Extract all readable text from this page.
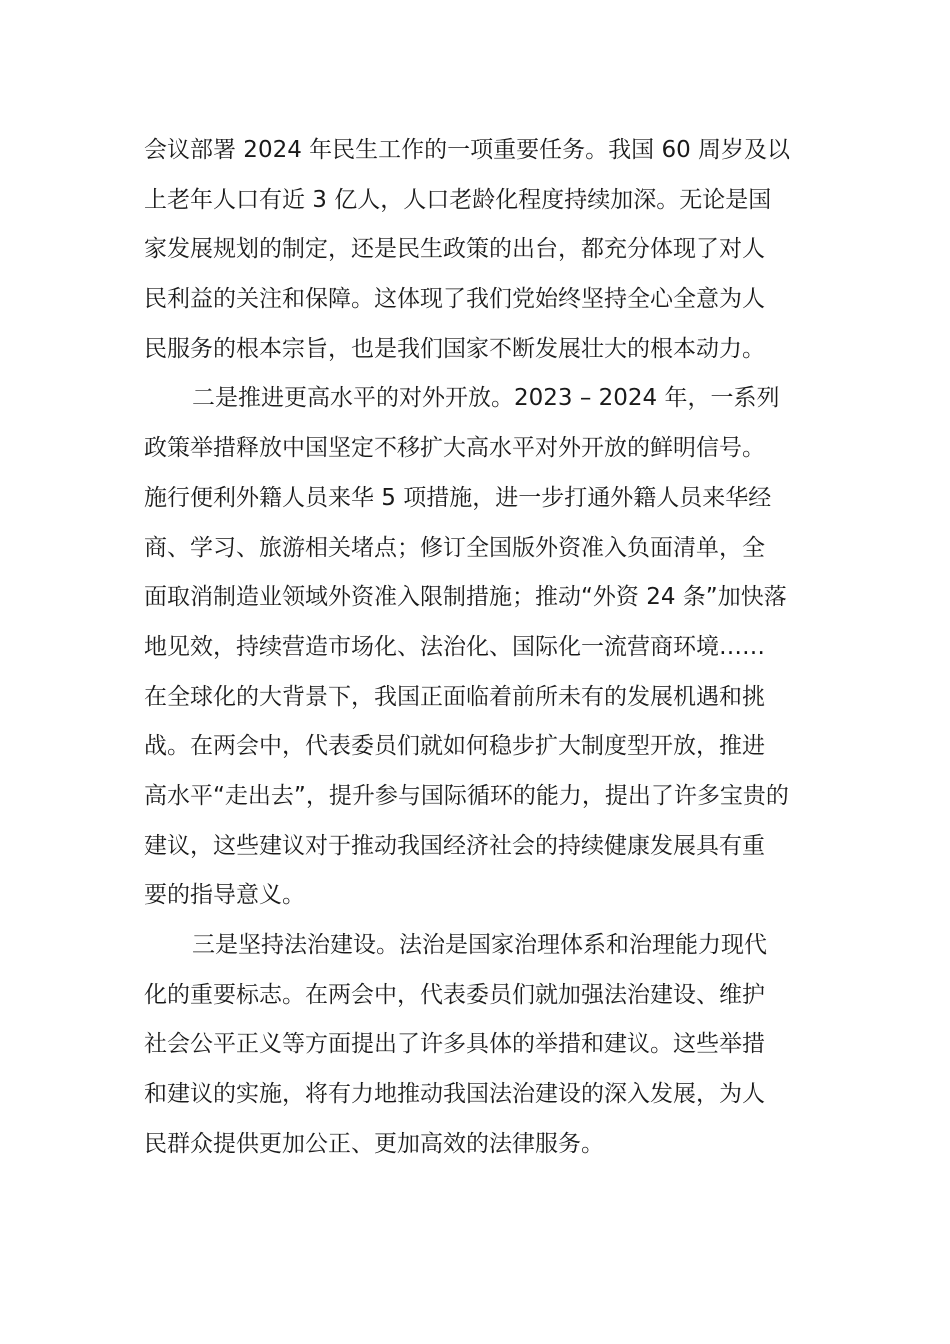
会议部署 2024 年民生工作的一项重要任务。我国 60 周岁及以
上老年人口有近 3 亿人，人口老龄化程度持续加深。无论是国
家发展规划的制定，还是民生政策的出台，都充分体现了对人
民利益的关注和保障。这体现了我们党始终坚持全心全意为人
民服务的根本宗旨，也是我们国家不断发展壮大的根本动力。
二是推进更高水平的对外开放。2023 – 2024 年，一系列
政策举措释放中国坚定不移扩大高水平对外开放的鲜明信号。
施行便利外籍人员来华 5 项措施，进一步打通外籍人员来华经
商、学习、旅游相关堵点；修订全国版外资准入负面清单，全
面取消制造业领域外资准入限制措施；推动“外资 24 条”加快落
地见效，持续营造市场化、法治化、国际化一流营商环境……
在全球化的大背景下，我国正面临着前所未有的发展机遇和挑
战。在两会中，代表委员们就如何稳步扩大制度型开放，推进
高水平“走出去”，提升参与国际循环的能力，提出了许多宝贵的
建议，这些建议对于推动我国经济社会的持续健康发展具有重
要的指导意义。
三是坚持法治建设。法治是国家治理体系和治理能力现代
化的重要标志。在两会中，代表委员们就加强法治建设、维护
社会公平正义等方面提出了许多具体的举措和建议。这些举措
和建议的实施，将有力地推动我国法治建设的深入发展，为人
民群众提供更加公正、更加高效的法律服务。
